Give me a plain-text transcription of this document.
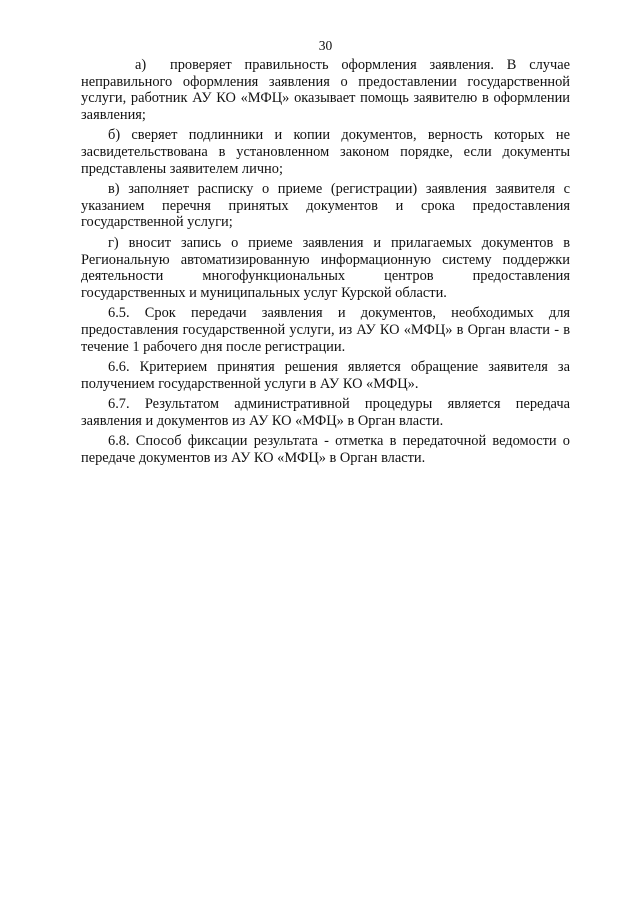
30

а) проверяет правильность оформления заявления. В случае неправильного оформления заявления о предоставлении государственной услуги, работник АУ КО «МФЦ» оказывает помощь заявителю в оформлении заявления;

б) сверяет подлинники и копии документов, верность которых не засвидетельствована в установленном законом порядке, если документы представлены заявителем лично;

в) заполняет расписку о приеме (регистрации) заявления заявителя с указанием перечня принятых документов и срока предоставления государственной услуги;

г) вносит запись о приеме заявления и прилагаемых документов в Региональную автоматизированную информационную систему поддержки деятельности многофункциональных центров предоставления государственных и муниципальных услуг Курской области.

6.5. Срок передачи заявления и документов, необходимых для предоставления государственной услуги, из АУ КО «МФЦ» в Орган власти - в течение 1 рабочего дня после регистрации.

6.6. Критерием принятия решения является обращение заявителя за получением государственной услуги в АУ КО «МФЦ».

6.7. Результатом административной процедуры является передача заявления и документов из АУ КО «МФЦ» в Орган власти.

6.8. Способ фиксации результата - отметка в передаточной ведомости о передаче документов из АУ КО «МФЦ» в Орган власти.
